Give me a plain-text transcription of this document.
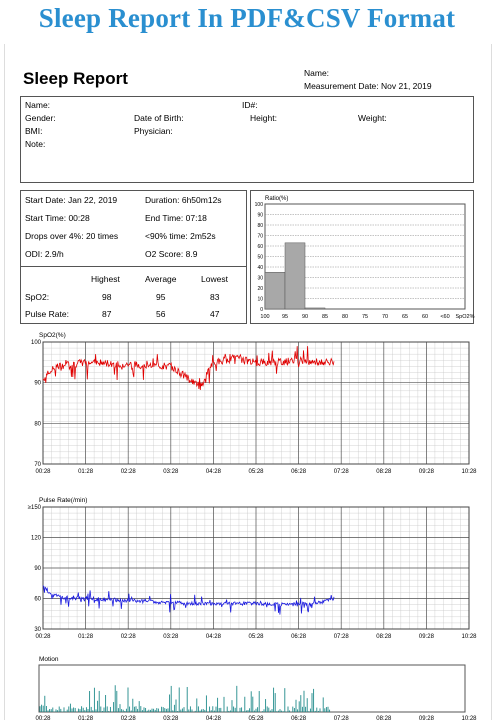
Sleep Report In PDF&CSV Format
Sleep Report	Name:
Measurement Date: Nov 21, 2019
Name:	ID#:
Gender:	Date of Birth:	Height:	Weight:
BMI:	Physician:
Note:
Start Date: Jan 22, 2019	Duration: 6h50m12s
Start Time: 00:28	End Time: 07:18
Drops over 4%: 20 times	<90% time: 2m52s
ODI: 2.9/h	O2 Score: 8.9
Highest	Average	Lowest
SpO2:	98	95	83
Pulse Rate:	87	56	47
Ratio(%)
100
90
80
70
60
50
40
30
20
10
0
100 95	90	85	80	75	70	65	60 <60 SpO2%
SpO2(%)
100
90
80
70
00:28	01:28	02:28	03:28	04:28	05:28	06:28	07:28	08:28	09:28	10:28
Pulse Rate(/min)
≥150
120
90
60
30
00:28	01:28	02:28	03:28	04:28	05:28	06:28	07:28	08:28	09:28	10:28
Motion
00:28	01:28	02:28	03:28	04:28	05:28	06:28	07:28	08:28	09:28	10:28
